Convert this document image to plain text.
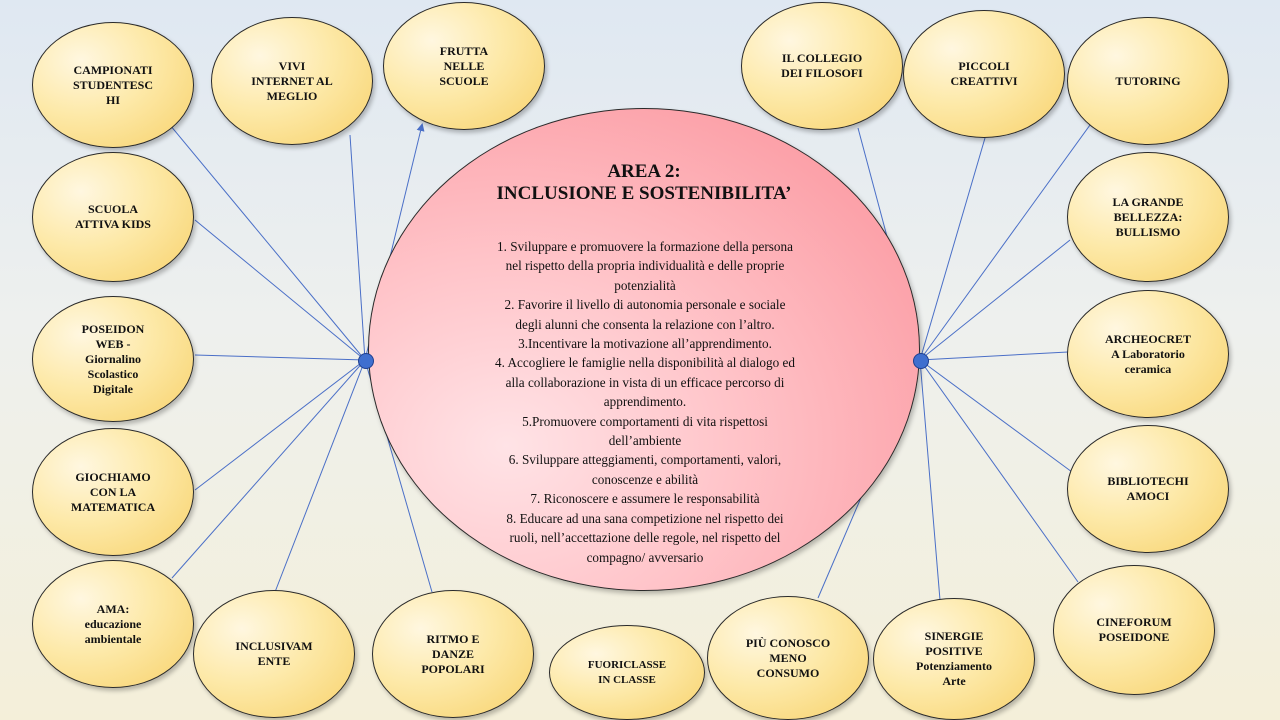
AREA 2:
INCLUSIONE E SOSTENIBILITA’
1. Sviluppare e promuovere la formazione della persona
nel rispetto della propria individualità e delle proprie
potenzialità
2. Favorire il livello di autonomia personale e sociale
degli alunni che consenta la relazione con l’altro.
3.Incentivare la motivazione all’apprendimento.
4. Accogliere le famiglie nella disponibilità al dialogo ed
alla collaborazione in vista di un efficace percorso di
apprendimento.
5.Promuovere comportamenti di vita rispettosi
dell’ambiente
6. Sviluppare atteggiamenti, comportamenti, valori,
conoscenze e abilità
7. Riconoscere e assumere le responsabilità
8. Educare ad una sana competizione nel rispetto dei
ruoli, nell’accettazione delle regole, nel rispetto del
compagno/ avversario
CAMPIONATI
STUDENTESC
HI
VIVI
INTERNET AL
MEGLIO
FRUTTA
NELLE
SCUOLE
SCUOLA
ATTIVA KIDS
POSEIDON
WEB -
Giornalino
Scolastico
Digitale
GIOCHIAMO
CON LA
MATEMATICA
AMA:
educazione
ambientale
INCLUSIVAM
ENTE
RITMO E
DANZE
POPOLARI	FUORICLASSE
IN CLASSE
PIÙ CONOSCO
MENO
CONSUMO
SINERGIE
POSITIVE
Potenziamento
Arte
IL COLLEGIO
DEI FILOSOFI	PICCOLI
CREATTIVI	TUTORING
LA GRANDE
BELLEZZA:
BULLISMO
ARCHEOCRET
A Laboratorio
ceramica
BIBLIOTECHI
AMOCI
CINEFORUM
POSEIDONE
